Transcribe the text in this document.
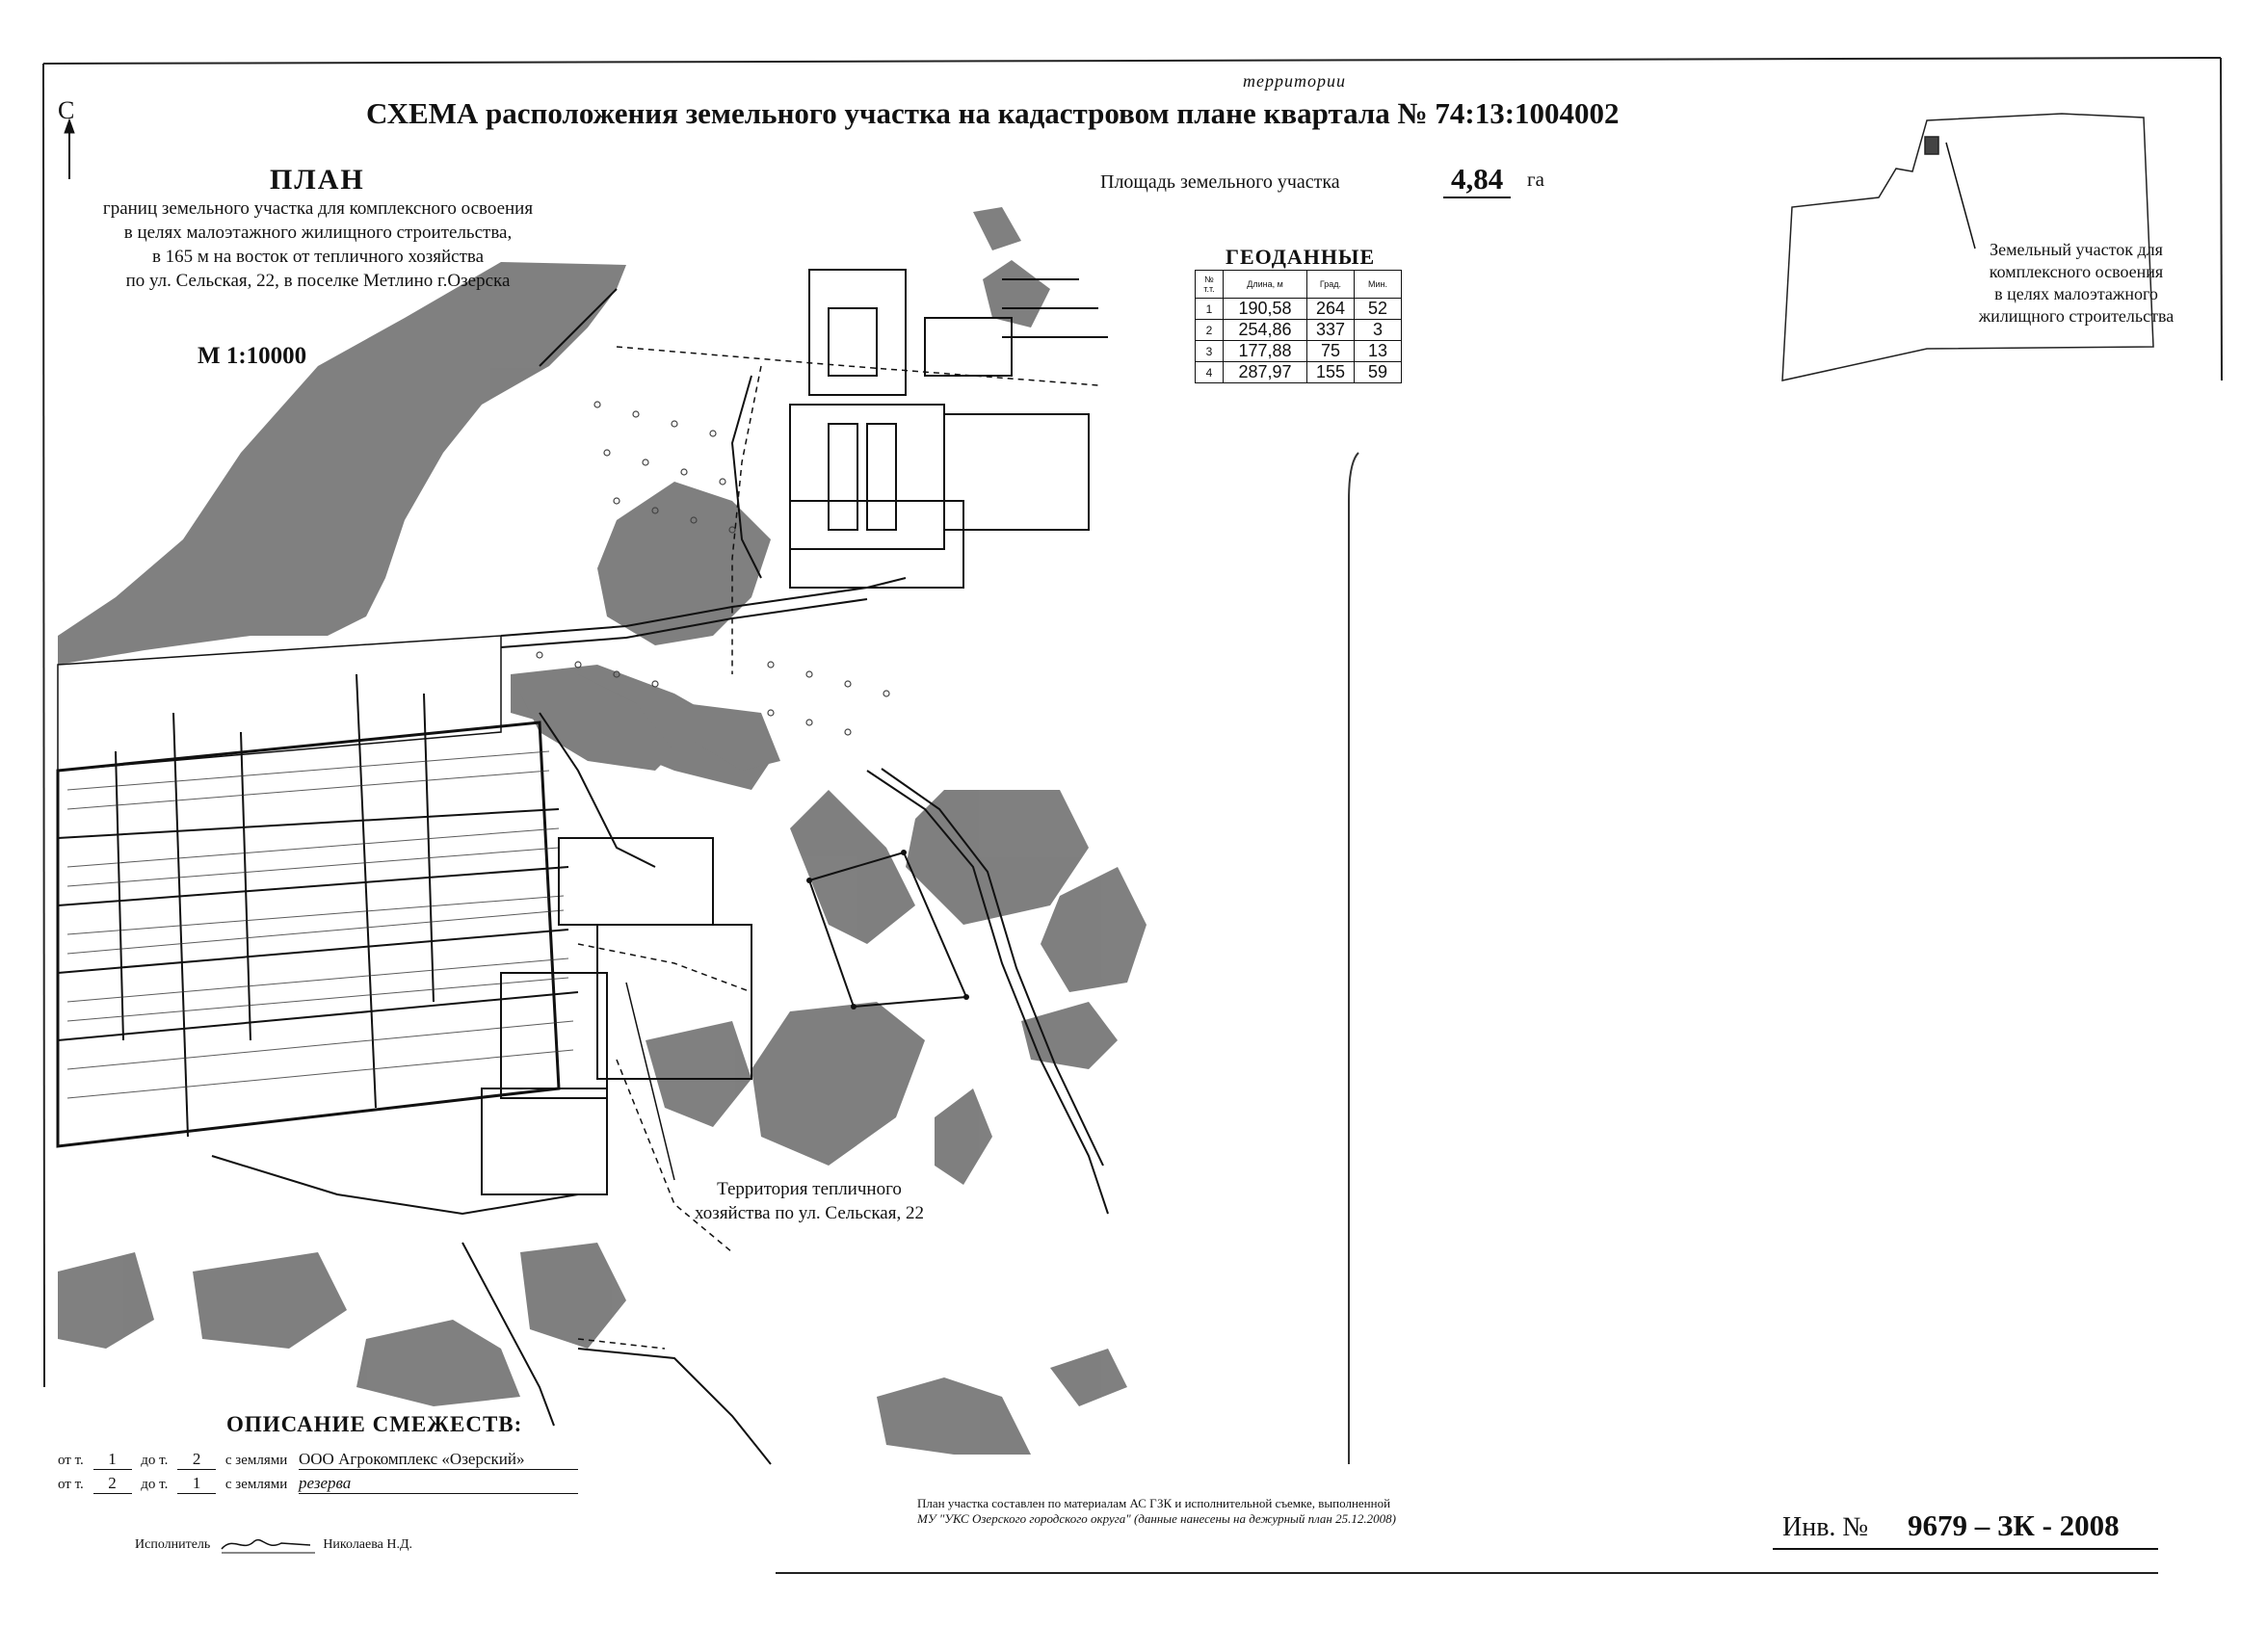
С	СХЕМА расположения земельного участка на кадастровом плане квартала № 74:13:1004002
территории
ПЛАН
границ земельного участка для комплексного освоения
в целях малоэтажного жилищного строительства,
в 165 м на восток от тепличного хозяйства
по ул. Сельская, 22, в поселке Метлино г.Озерска
М 1:10000
Площадь земельного участка	4,84	га
ГЕОДАННЫЕ
№ т.т.	Длина, м	Град.	Мин.
1	190,58	264	52
2	254,86	337	3
3	177,88	75	13
4	287,97	155	59
Земельный участок для
комплексного освоения
в целях малоэтажного
жилищного строительства
Территория тепличного
хозяйства по ул. Сельская, 22
ОПИСАНИЕ СМЕЖЕСТВ:
от т. 1 до т. 2 с землями ООО Агрокомплекс «Озерский»
от т. 2 до т. 1 с землями резерва
Исполнитель	Николаева Н.Д.
План участка составлен по материалам АС ГЗК и исполнительной съемке, выполненной
МУ "УКС Озерского городского округа" (данные нанесены на дежурный план 25.12.2008)	Инв. № 9679 – ЗК - 2008
